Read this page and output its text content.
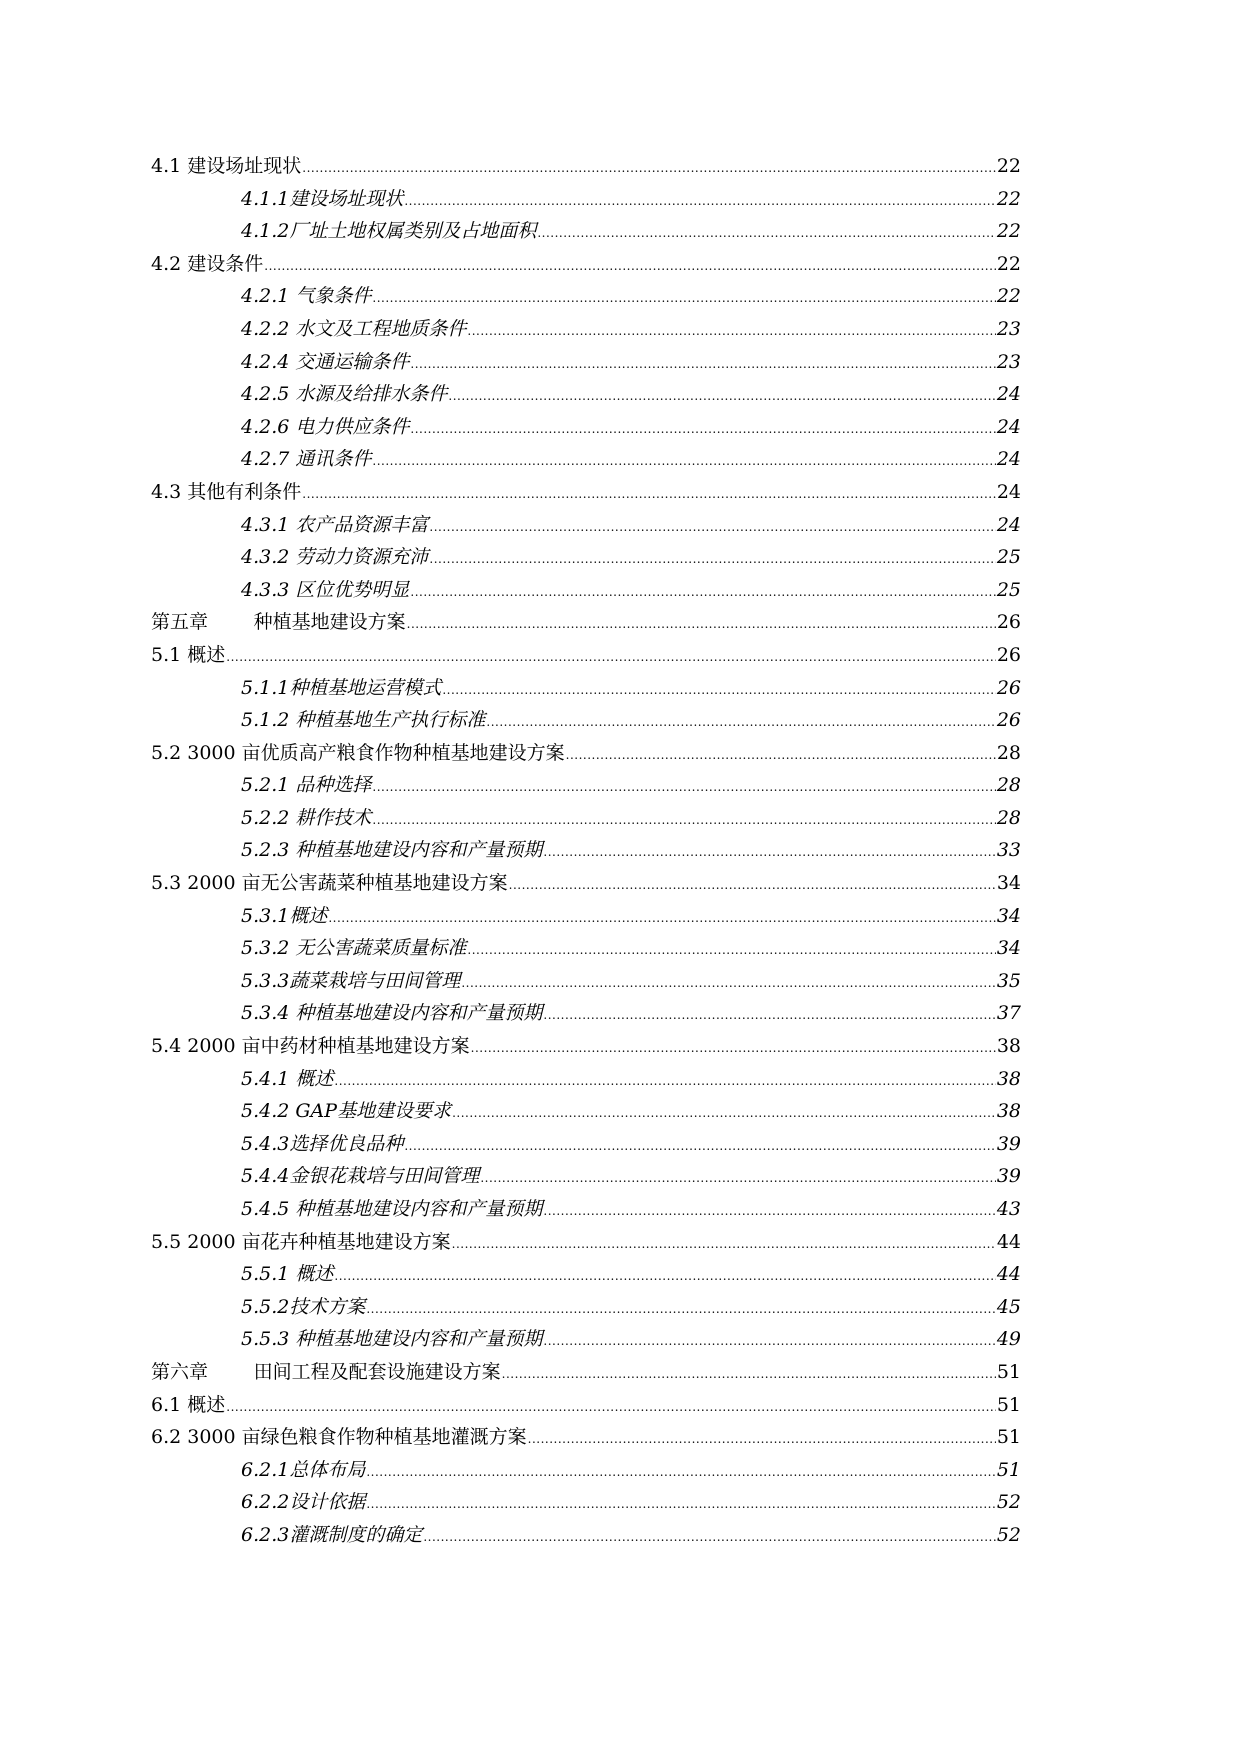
4.1 建设场址现状 .....	22
4.1.1建设场址现状 .....	22
4.1.2厂址土地权属类别及占地面积 .....	22
4.2 建设条件 .....	22
4.2.1 气象条件 .....	22
4.2.2 水文及工程地质条件 .....	23
4.2.4 交通运输条件 .....	23
4.2.5 水源及给排水条件 .....	24
4.2.6 电力供应条件 .....	24
4.2.7 通讯条件 .....	24
4.3 其他有利条件 .....	24
4.3.1 农产品资源丰富 .....	24
4.3.2 劳动力资源充沛 .....	25
4.3.3 区位优势明显 .....	25
第五章 种植基地建设方案 .....	26
5.1 概述 .....	26
5.1.1种植基地运营模式 .....	26
5.1.2 种植基地生产执行标准 .....	26
5.2 3000 亩优质高产粮食作物种植基地建设方案 .....	28
5.2.1 品种选择 .....	28
5.2.2 耕作技术 .....	28
5.2.3 种植基地建设内容和产量预期 .....	33
5.3 2000 亩无公害蔬菜种植基地建设方案 .....	34
5.3.1概述 .....	34
5.3.2 无公害蔬菜质量标准 .....	34
5.3.3蔬菜栽培与田间管理 .....	35
5.3.4 种植基地建设内容和产量预期 .....	37
5.4 2000 亩中药材种植基地建设方案 .....	38
5.4.1 概述 .....	38
5.4.2 GAP基地建设要求 .....	38
5.4.3选择优良品种 .....	39
5.4.4金银花栽培与田间管理 .....	39
5.4.5 种植基地建设内容和产量预期 .....	43
5.5 2000 亩花卉种植基地建设方案 .....	44
5.5.1 概述 .....	44
5.5.2技术方案 .....	45
5.5.3 种植基地建设内容和产量预期 .....	49
第六章 田间工程及配套设施建设方案 .....	51
6.1 概述 .....	51
6.2 3000 亩绿色粮食作物种植基地灌溉方案 .....	51
6.2.1总体布局 .....	51
6.2.2设计依据 .....	52
6.2.3灌溉制度的确定 .....	52
